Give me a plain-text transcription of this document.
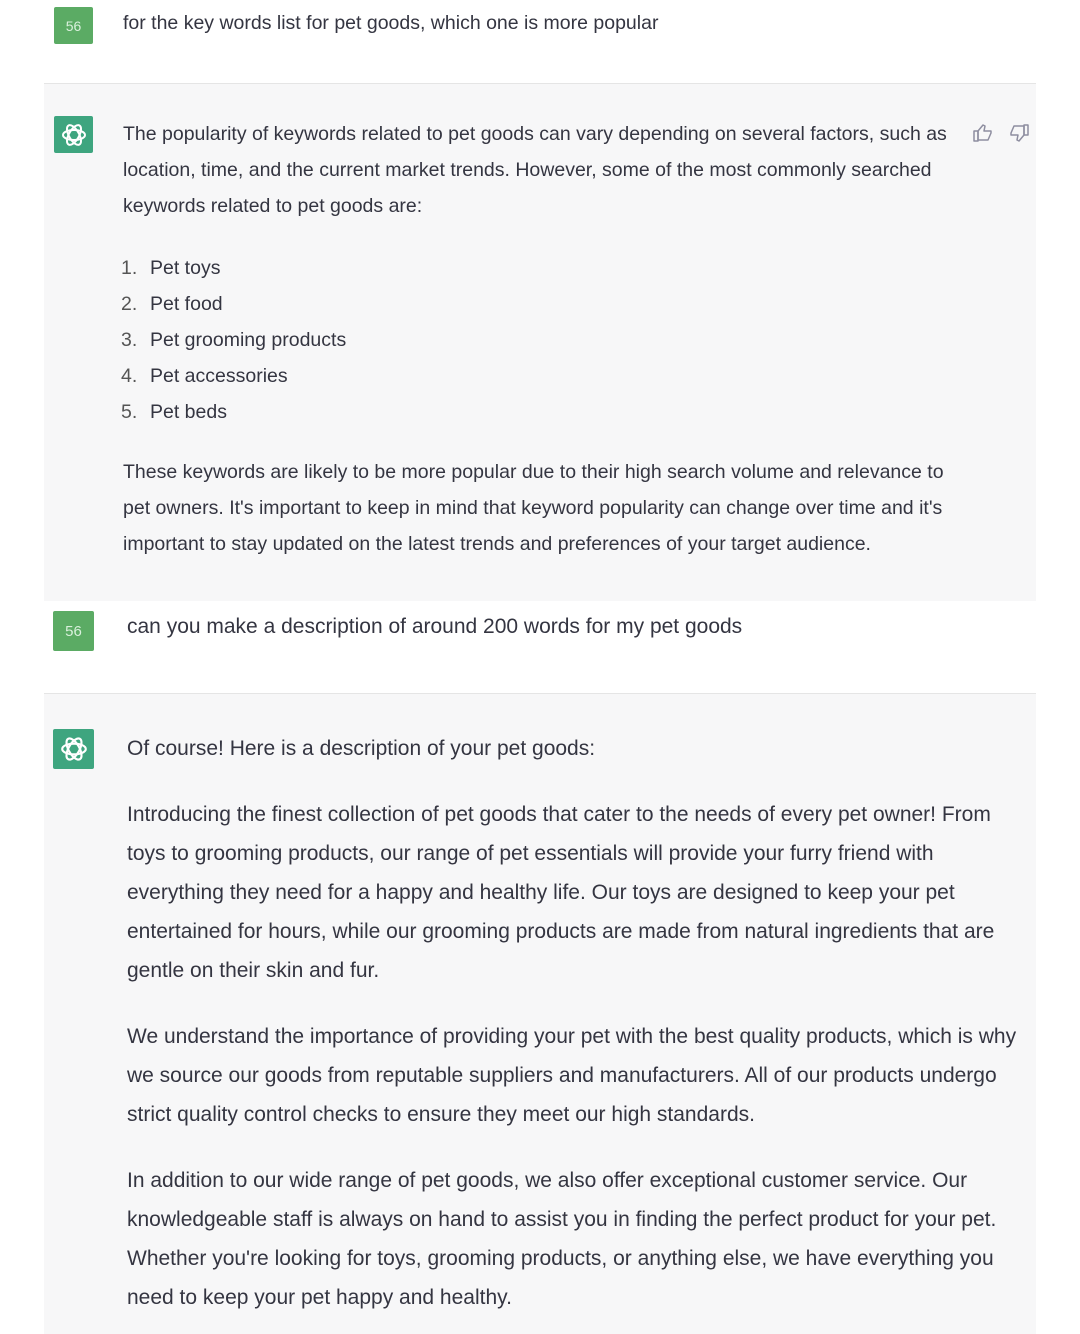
56 for the key words list for pet goods, which one is more popular

The popularity of keywords related to pet goods can vary depending on several factors, such as location, time, and the current market trends. However, some of the most commonly searched keywords related to pet goods are:

1. Pet toys
2. Pet food
3. Pet grooming products
4. Pet accessories
5. Pet beds

These keywords are likely to be more popular due to their high search volume and relevance to pet owners. It's important to keep in mind that keyword popularity can change over time and it's important to stay updated on the latest trends and preferences of your target audience.

56 can you make a description of around 200 words for my pet goods

Of course! Here is a description of your pet goods:

Introducing the finest collection of pet goods that cater to the needs of every pet owner! From toys to grooming products, our range of pet essentials will provide your furry friend with everything they need for a happy and healthy life. Our toys are designed to keep your pet entertained for hours, while our grooming products are made from natural ingredients that are gentle on their skin and fur.

We understand the importance of providing your pet with the best quality products, which is why we source our goods from reputable suppliers and manufacturers. All of our products undergo strict quality control checks to ensure they meet our high standards.

In addition to our wide range of pet goods, we also offer exceptional customer service. Our knowledgeable staff is always on hand to assist you in finding the perfect product for your pet. Whether you're looking for toys, grooming products, or anything else, we have everything you need to keep your pet happy and healthy.
